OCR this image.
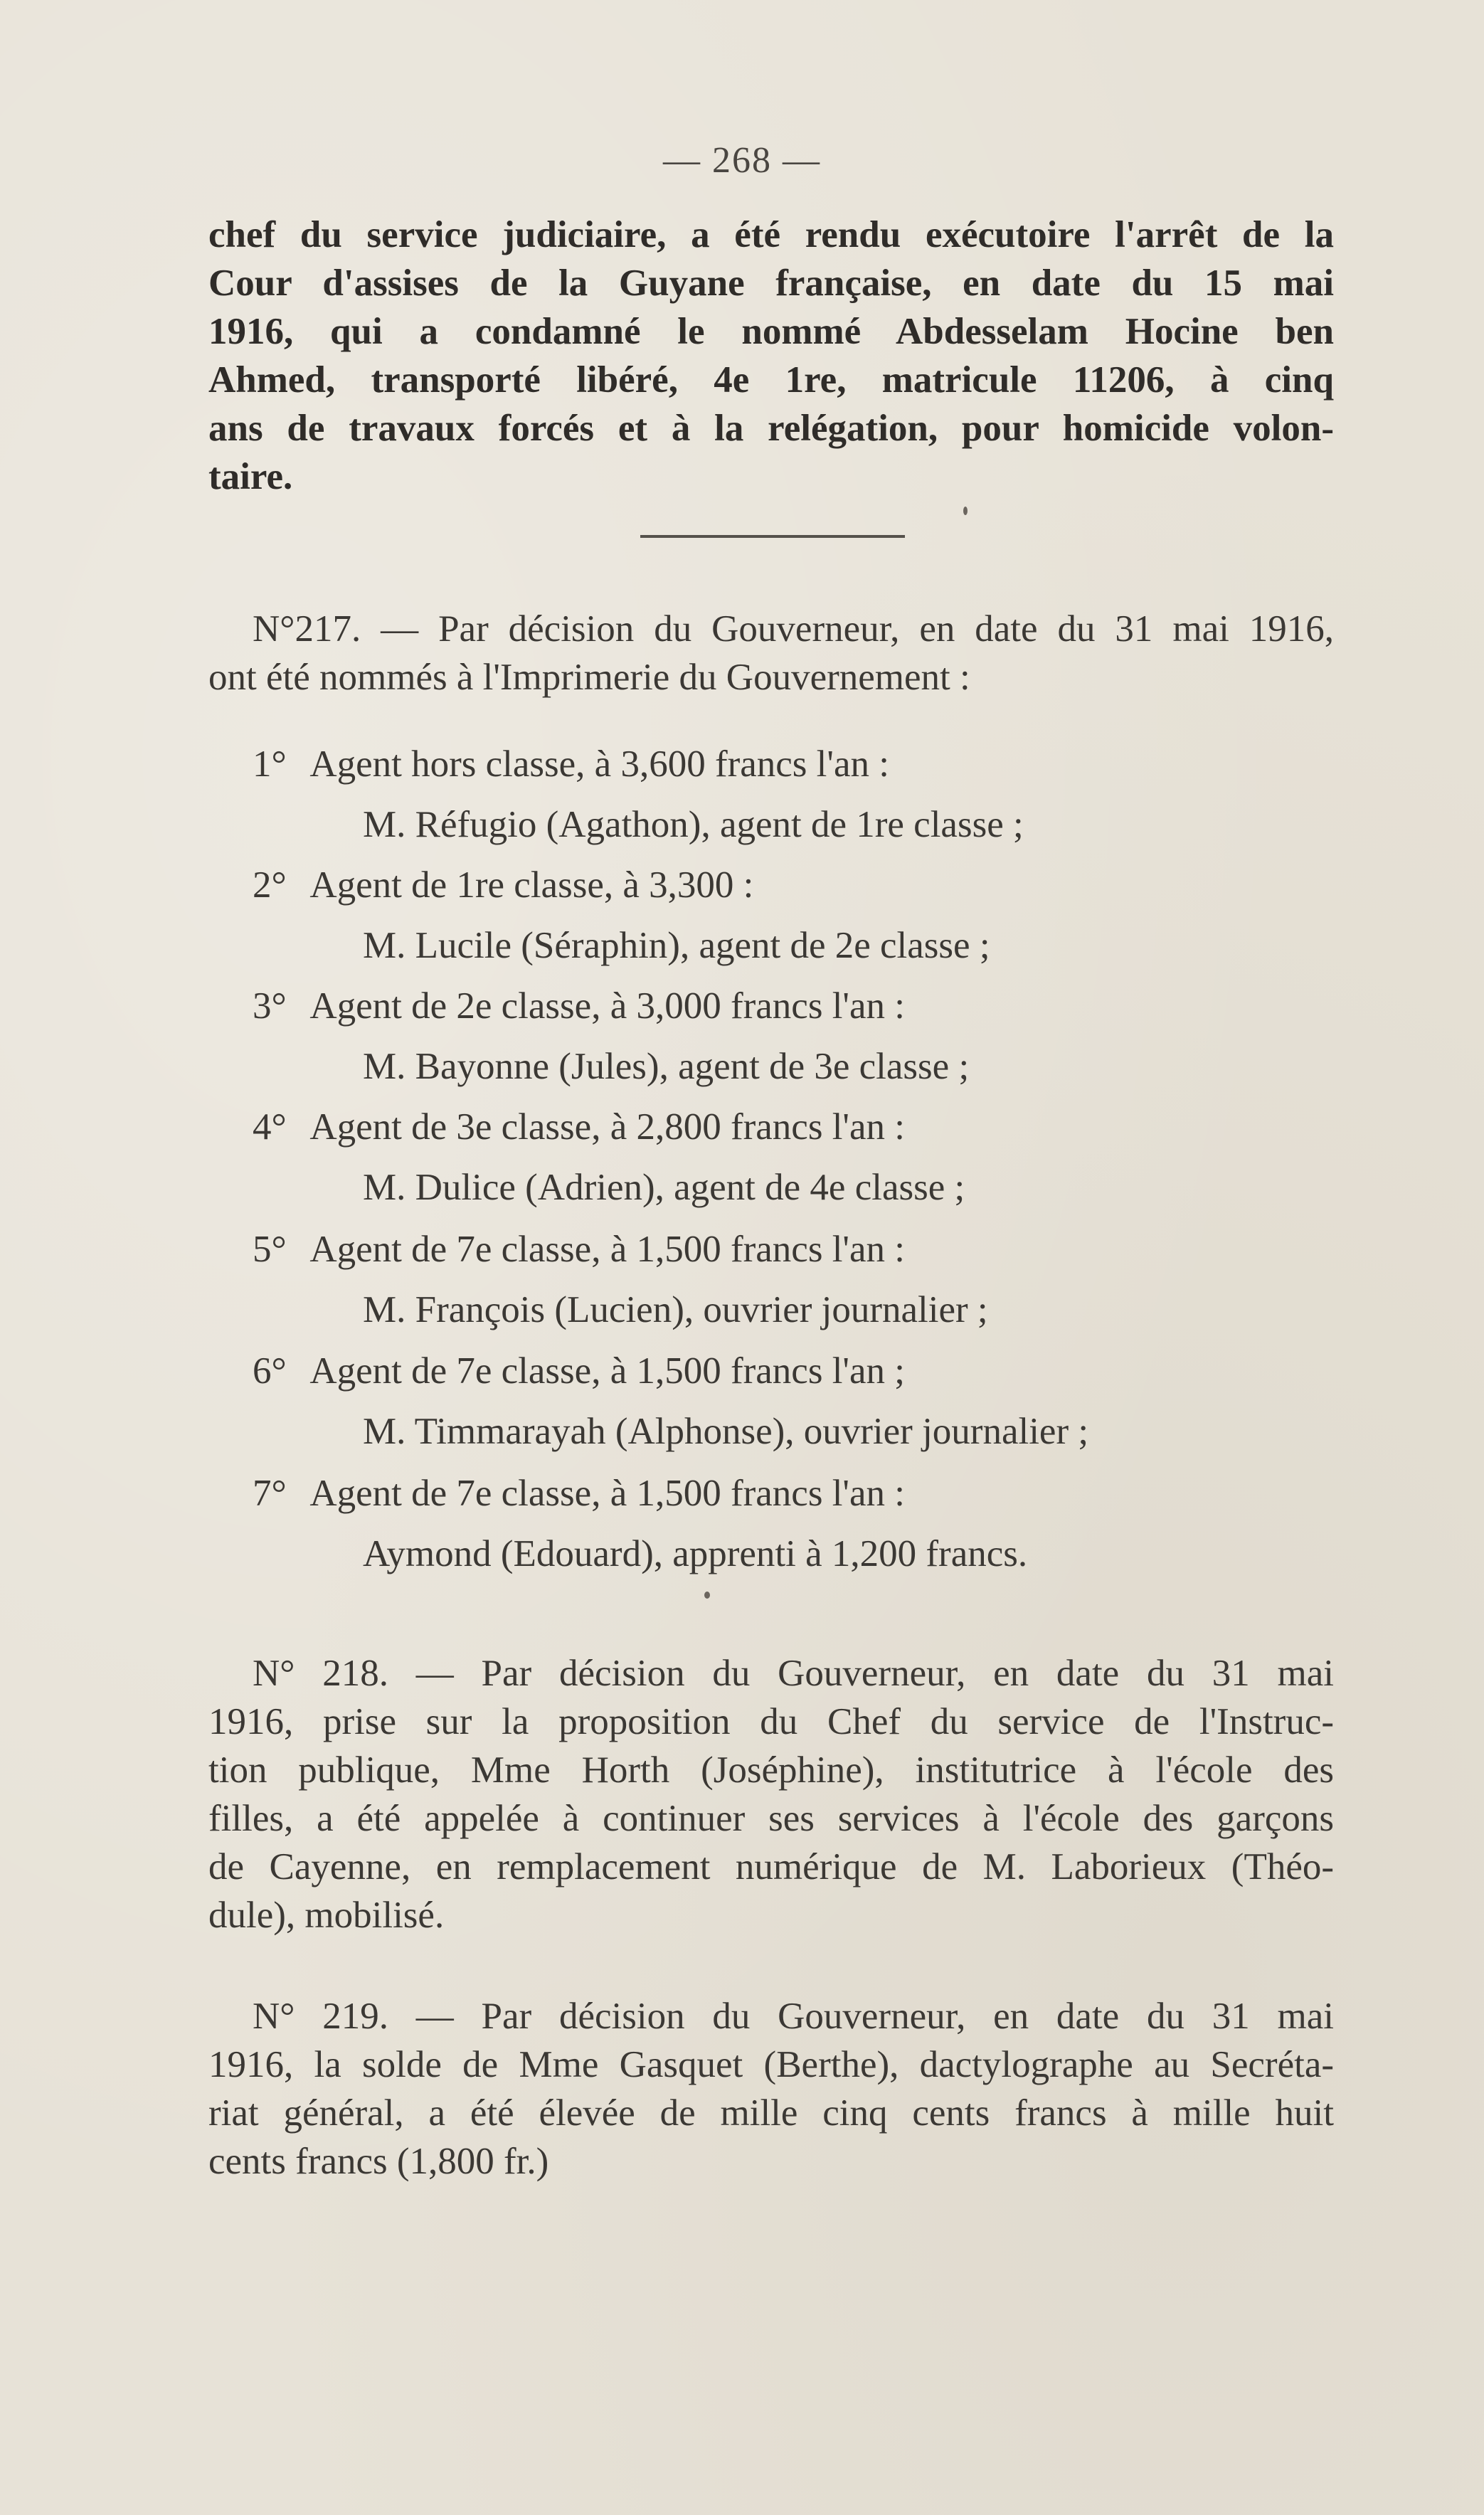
— 268 —

chef du service judiciaire, a été rendu exécutoire l'arrêt de la
Cour d'assises de la Guyane française, en date du 15 mai
1916, qui a condamné le nommé Abdesselam Hocine ben
Ahmed, transporté libéré, 4e 1re, matricule 11206, à cinq
ans de travaux forcés et à la relégation, pour homicide volon-
taire.

N°217. — Par décision du Gouverneur, en date du 31 mai 1916,
ont été nommés à l'Imprimerie du Gouvernement :

1° Agent hors classe, à 3,600 francs l'an :
M. Réfugio (Agathon), agent de 1re classe ;
2° Agent de 1re classe, à 3,300 :
M. Lucile (Séraphin), agent de 2e classe ;
3° Agent de 2e classe, à 3,000 francs l'an :
M. Bayonne (Jules), agent de 3e classe ;
4° Agent de 3e classe, à 2,800 francs l'an :
M. Dulice (Adrien), agent de 4e classe ;
5° Agent de 7e classe, à 1,500 francs l'an :
M. François (Lucien), ouvrier journalier ;
6° Agent de 7e classe, à 1,500 francs l'an ;
M. Timmarayah (Alphonse), ouvrier journalier ;
7° Agent de 7e classe, à 1,500 francs l'an :
Aymond (Edouard), apprenti à 1,200 francs.

N° 218. — Par décision du Gouverneur, en date du 31 mai
1916, prise sur la proposition du Chef du service de l'Instruc-
tion publique, Mme Horth (Joséphine), institutrice à l'école des
filles, a été appelée à continuer ses services à l'école des garçons
de Cayenne, en remplacement numérique de M. Laborieux (Théo-
dule), mobilisé.

N° 219. — Par décision du Gouverneur, en date du 31 mai
1916, la solde de Mme Gasquet (Berthe), dactylographe au Secréta-
riat général, a été élevée de mille cinq cents francs à mille huit
cents francs (1,800 fr.)
